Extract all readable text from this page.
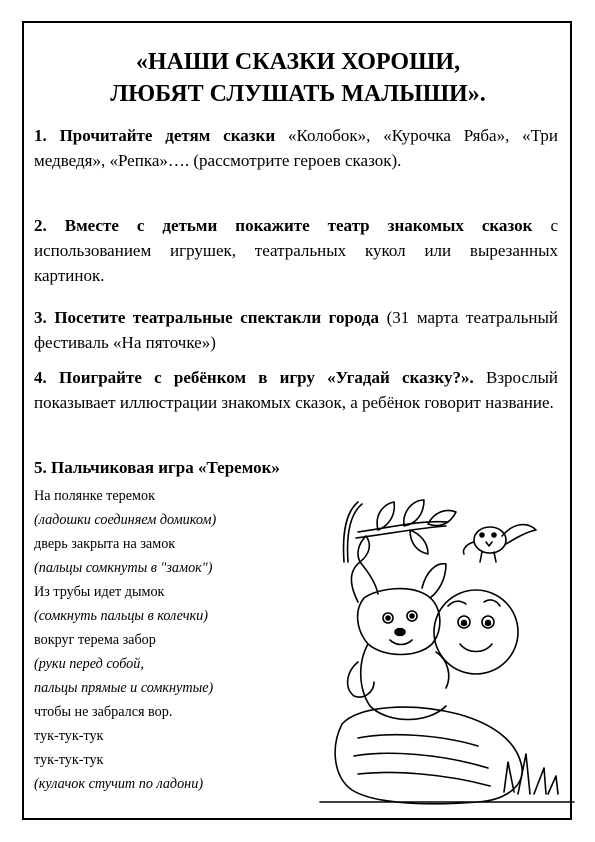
«НАШИ СКАЗКИ ХОРОШИ,
ЛЮБЯТ СЛУШАТЬ МАЛЫШИ».
1. Прочитайте детям сказки «Колобок», «Курочка Ряба», «Три медведя», «Репка»…. (рассмотрите героев сказок).
2. Вместе с детьми покажите театр знакомых сказок с использованием игрушек, театральных кукол или вырезанных картинок.
3. Посетите театральные спектакли города (31 марта театральный фестиваль «На пяточке»)
4. Поиграйте с ребёнком в игру «Угадай сказку?». Взрослый показывает иллюстрации знакомых сказок, а ребёнок говорит название.
5. Пальчиковая игра «Теремок»
На полянке теремок
(ладошки соединяем домиком)
дверь закрыта на замок
(пальцы сомкнуты в "замок")
Из трубы идет дымок
(сомкнуть пальцы в колечки)
вокруг терема забор
(руки перед собой,
пальцы прямые и сомкнутые)
чтобы не забрался вор.
тук-тук-тук
тук-тук-тук
(кулачок стучит по ладони)
